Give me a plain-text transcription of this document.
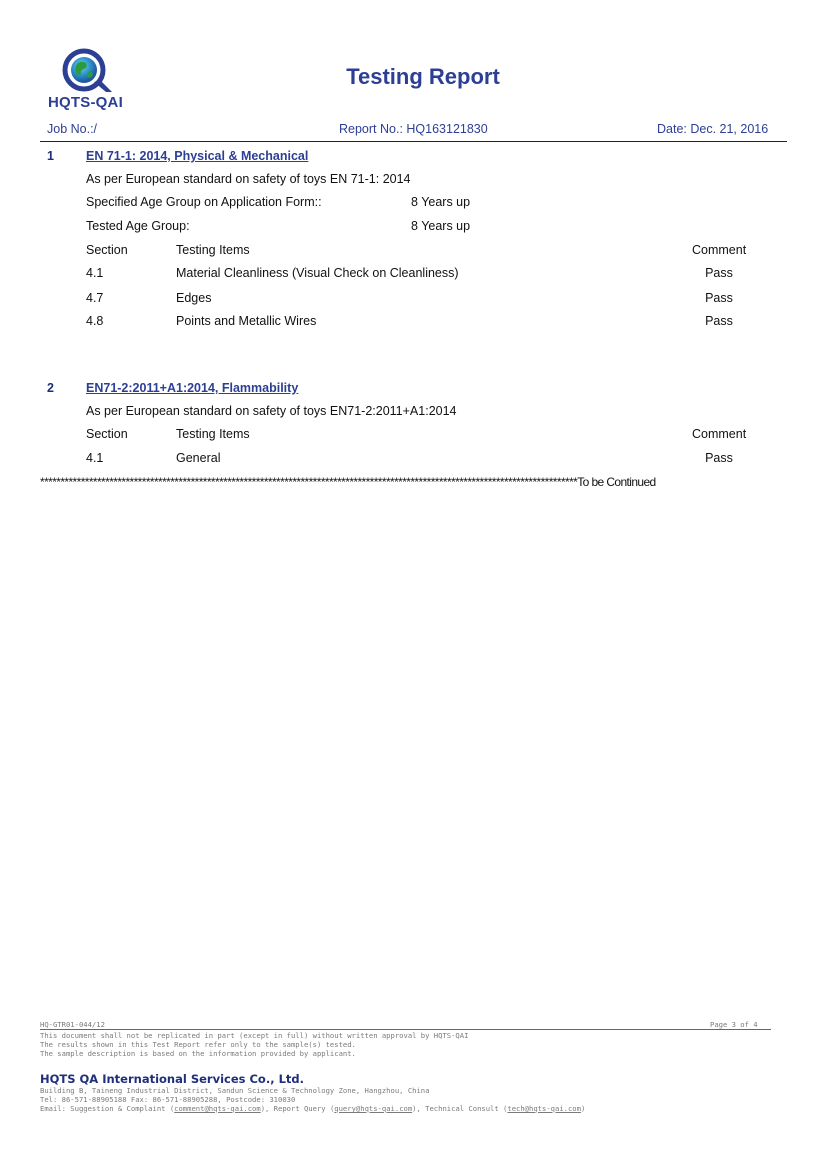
HQTS-QAI
Testing Report
Job No.:/	Report No.: HQ163121830	Date: Dec. 21, 2016
1	EN 71-1: 2014, Physical & Mechanical
As per European standard on safety of toys EN 71-1: 2014
Specified Age Group on Application Form::	8 Years up
Tested Age Group:	8 Years up
Section	Testing Items	Comment
4.1	Material Cleanliness (Visual Check on Cleanliness)	Pass
4.7	Edges	Pass
4.8	Points and Metallic Wires	Pass
2	EN71-2:2011+A1:2014, Flammability
As per European standard on safety of toys EN71-2:2011+A1:2014
Section	Testing Items	Comment
4.1	General	Pass
************************************************************************************************************************************To be Continued
HQ-GTR01-044/12	Page 3 of 4
This document shall not be replicated in part (except in full) without written approval by HQTS-QAI
The results shown in this Test Report refer only to the sample(s) tested.
The sample description is based on the information provided by applicant.
HQTS QA International Services Co., Ltd.
Building B, Taineng Industrial District, Sandun Science & Technology Zone, Hangzhou, China
Tel: 86-571-88905188 Fax: 86-571-88905288, Postcode: 310030
Email: Suggestion & Complaint (comment@hqts-qai.com), Report Query (query@hqts-qai.com), Technical Consult (tech@hqts-qai.com)
